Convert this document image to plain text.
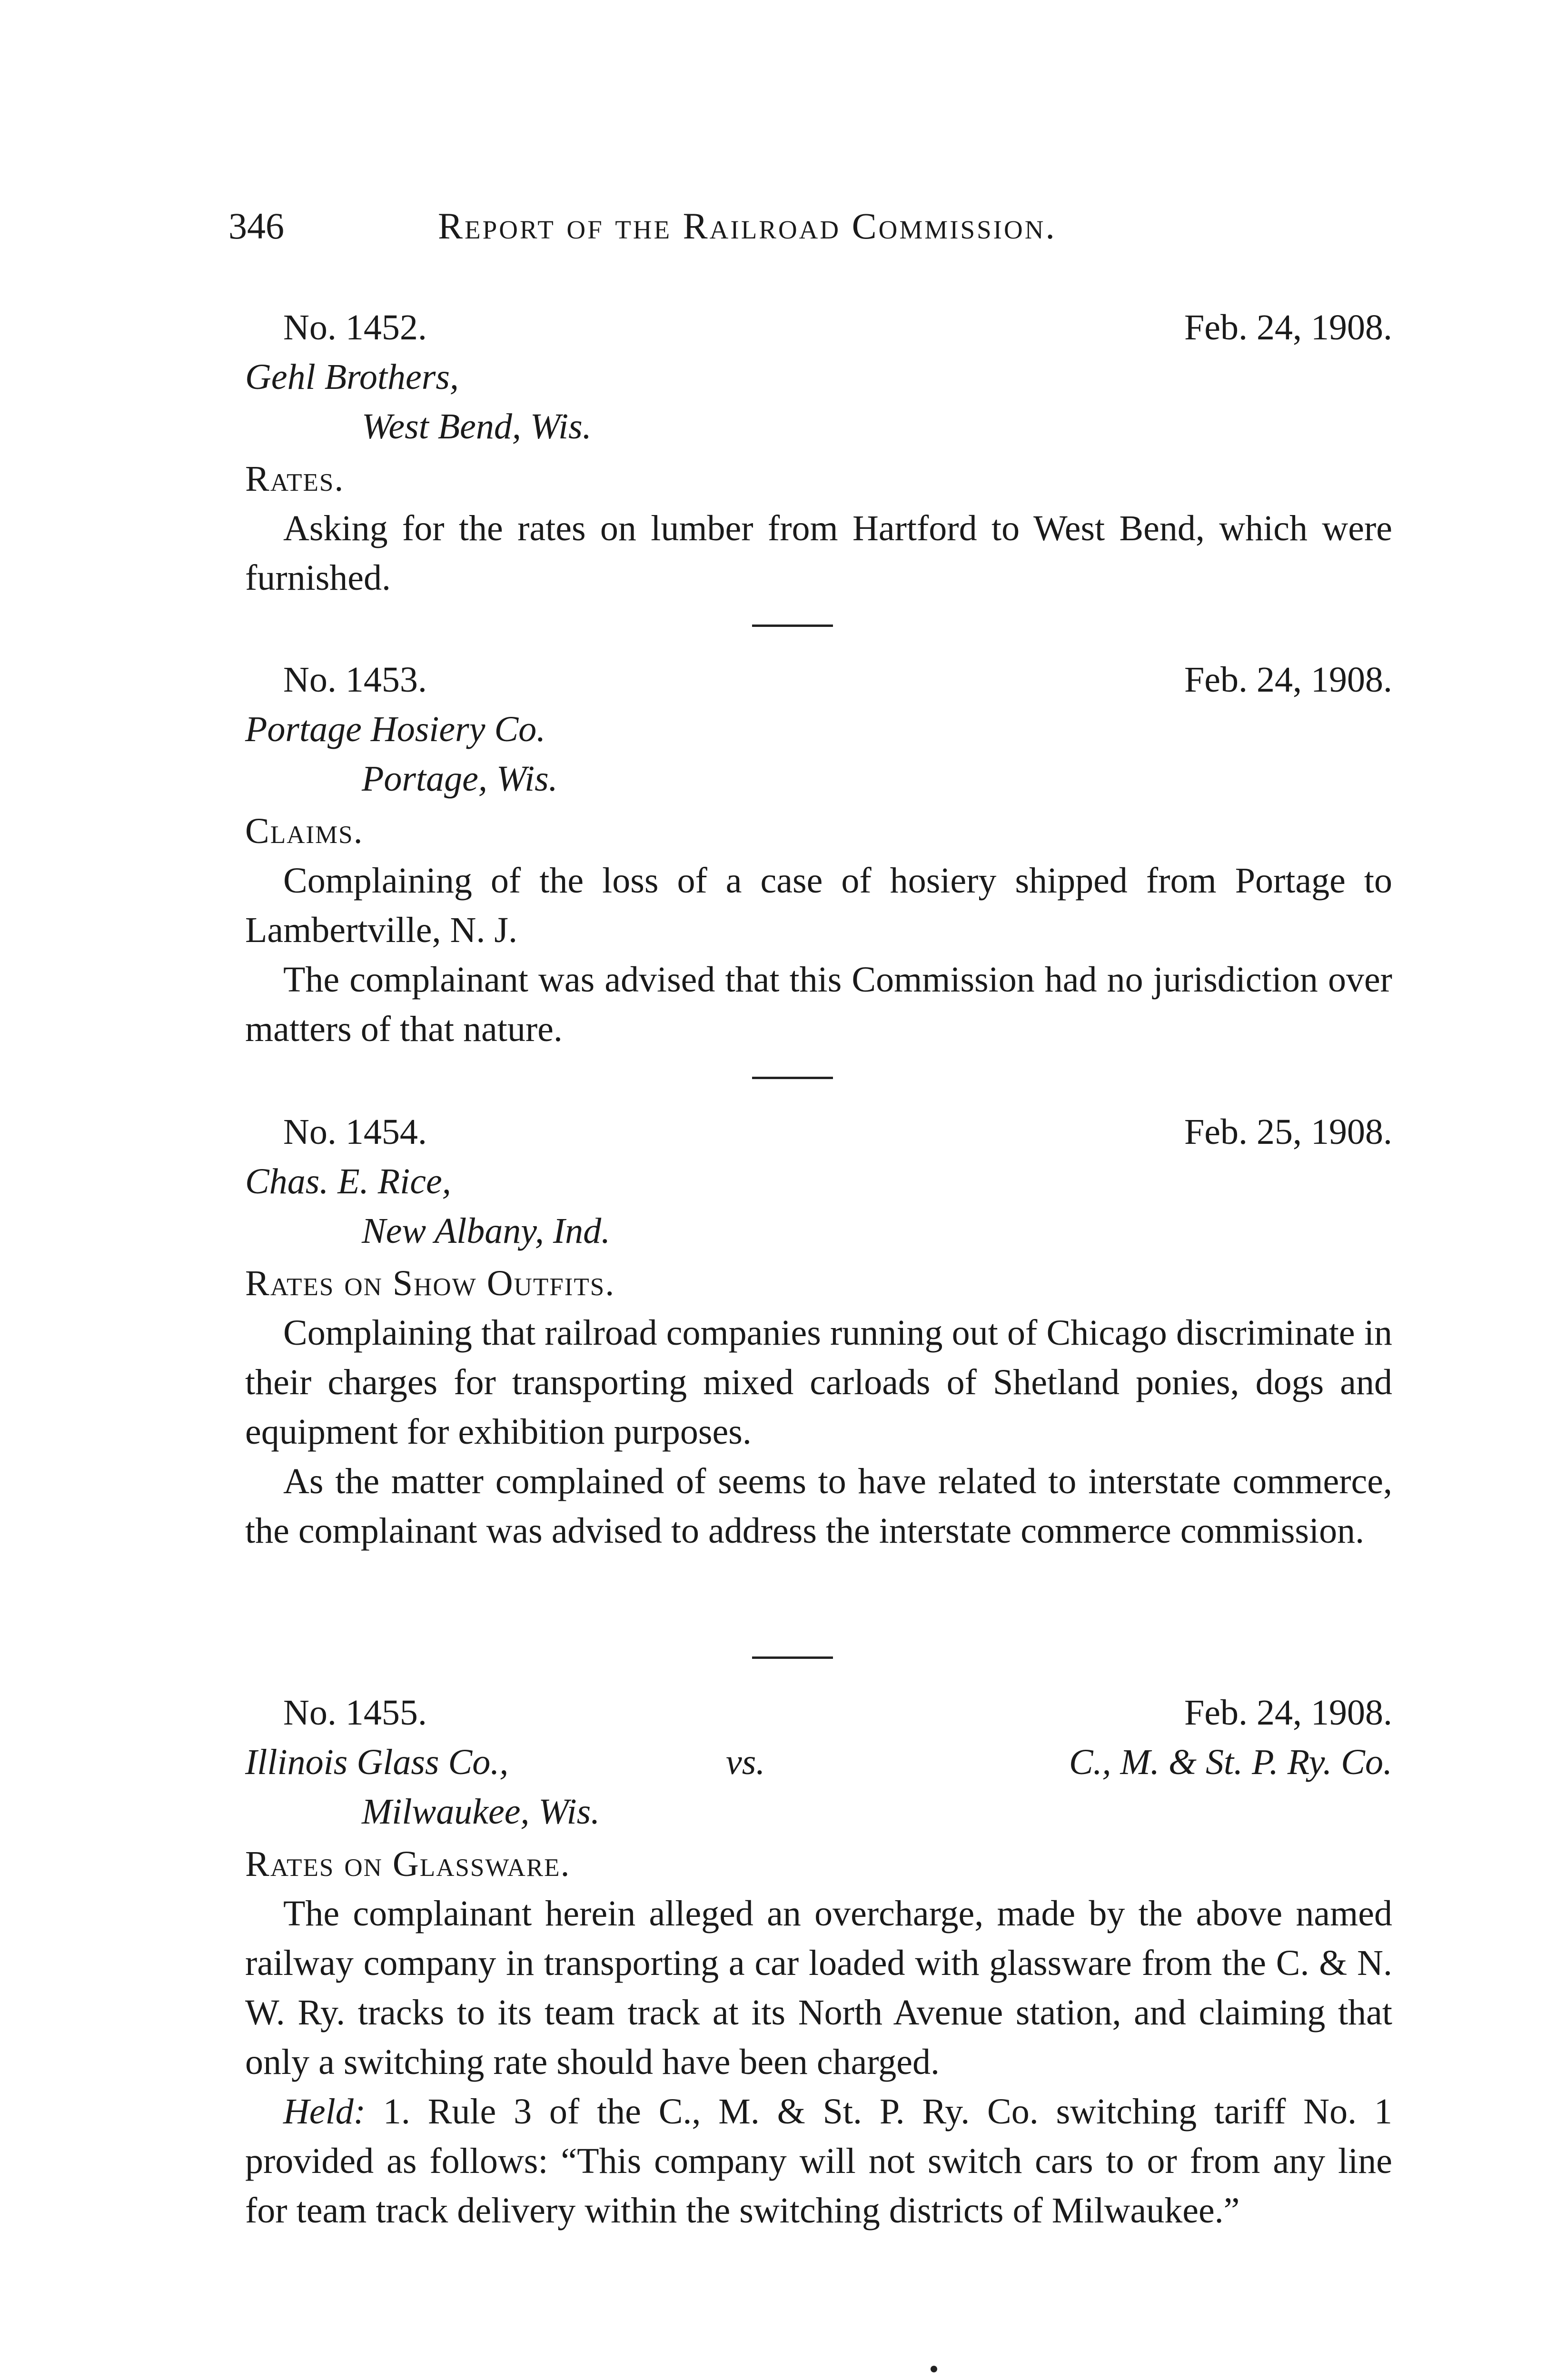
346	Report of the Railroad Commission.
No. 1452.	Feb. 24, 1908.
Gehl Brothers,
West Bend, Wis.
Rates.

Asking for the rates on lumber from Hartford to West Bend, which were furnished.

No. 1453.	Feb. 24, 1908.
Portage Hosiery Co.
Portage, Wis.
Claims.

Complaining of the loss of a case of hosiery shipped from Portage to Lambertville, N. J.

The complainant was advised that this Commission had no jurisdiction over matters of that nature.

No. 1454.	Feb. 25, 1908.
Chas. E. Rice,
New Albany, Ind.
Rates on Show Outfits.

Complaining that railroad companies running out of Chicago discriminate in their charges for transporting mixed carloads of Shetland ponies, dogs and equipment for exhibition purposes.

As the matter complained of seems to have related to interstate commerce, the complainant was advised to address the interstate commerce commission.

No. 1455.	Feb. 24, 1908.
Illinois Glass Co.,	vs.	C., M. & St. P. Ry. Co.
Milwaukee, Wis.
Rates on Glassware.

The complainant herein alleged an overcharge, made by the above named railway company in transporting a car loaded with glassware from the C. & N. W. Ry. tracks to its team track at its North Avenue station, and claiming that only a switching rate should have been charged.

Held: 1. Rule 3 of the C., M. & St. P. Ry. Co. switching tariff No. 1 provided as follows: “This company will not switch cars to or from any line for team track delivery within the switching districts of Milwaukee.”
